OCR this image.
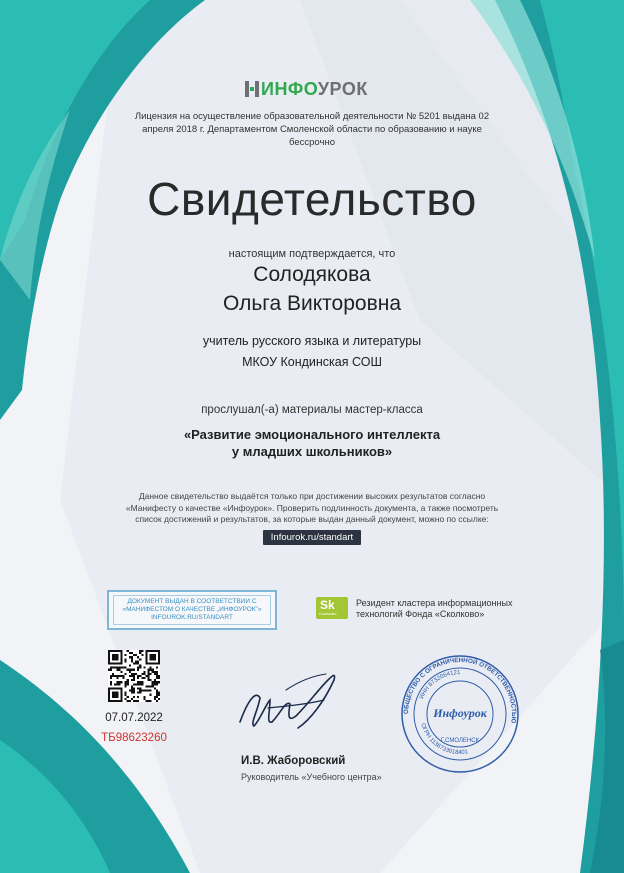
ИНФОУРОК
Лицензия на осуществление образовательной деятельности № 5201 выдана 02 апреля 2018 г. Департаментом Смоленской области по образованию и науке бессрочно
Свидетельство
настоящим подтверждается, что
Солодякова
Ольга Викторовна
учитель русского языка и литературы
МКОУ Кондинская СОШ
прослушал(-а) материалы мастер-класса
«Развитие эмоционального интеллекта
у младших школьников»
Данное свидетельство выдаётся только при достижении высоких результатов согласно «Манифесту о качестве «Инфоурок». Проверить подлинность документа, а также посмотреть список достижений и результатов, за которые выдан данный документ, можно по ссылке:
Infourok.ru/standart
ДОКУМЕНТ ВЫДАН В СООТВЕТСТВИИ С
«МАНИФЕСТОМ О КАЧЕСТВЕ „ИНФОУРОК"»
INFOUROK.RU/STANDART
Sk
Сколково
Резидент кластера информационных технологий Фонда «Сколково»
07.07.2022
ТБ98623260
И.В. Жаборовский
Руководитель «Учебного центра»
ОБЩЕСТВО С ОГРАНИЧЕННОЙ ОТВЕТСТВЕННОСТЬЮ
ИНН 6732064121
ОГРН 1136733018401
Г.СМОЛЕНСК
Инфоурок
